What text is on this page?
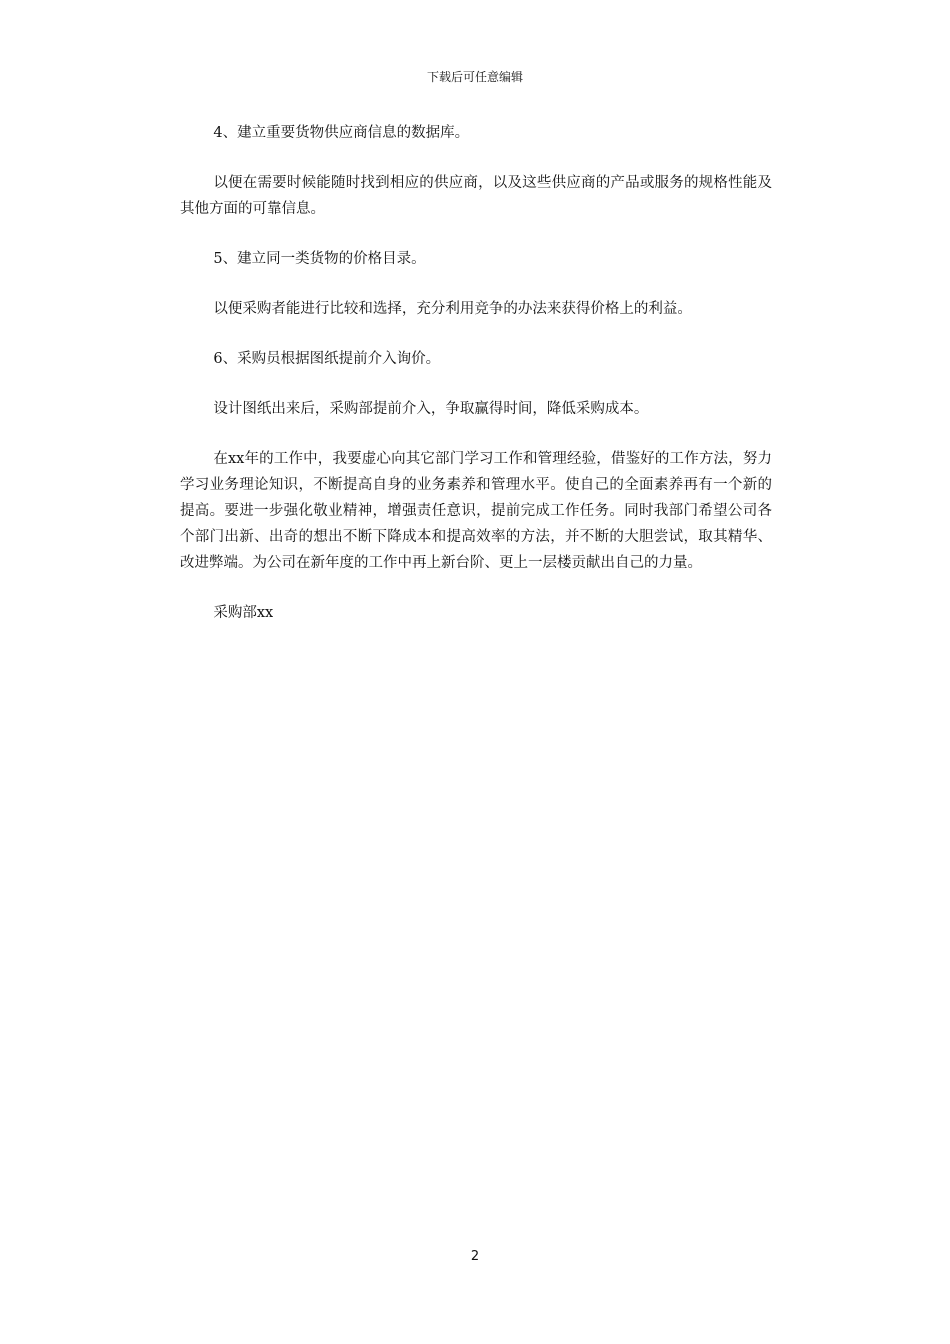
下载后可任意编辑

4、建立重要货物供应商信息的数据库。

以便在需要时候能随时找到相应的供应商，以及这些供应商的产品或服务的规格性能及其他方面的可靠信息。

5、建立同一类货物的价格目录。

以便采购者能进行比较和选择，充分利用竞争的办法来获得价格上的利益。

6、采购员根据图纸提前介入询价。

设计图纸出来后，采购部提前介入，争取赢得时间，降低采购成本。

在xx年的工作中，我要虚心向其它部门学习工作和管理经验，借鉴好的工作方法，努力学习业务理论知识，不断提高自身的业务素养和管理水平。使自己的全面素养再有一个新的提高。要进一步强化敬业精神，增强责任意识，提前完成工作任务。同时我部门希望公司各个部门出新、出奇的想出不断下降成本和提高效率的方法，并不断的大胆尝试，取其精华、改进弊端。为公司在新年度的工作中再上新台阶、更上一层楼贡献出自己的力量。

采购部xx

2
